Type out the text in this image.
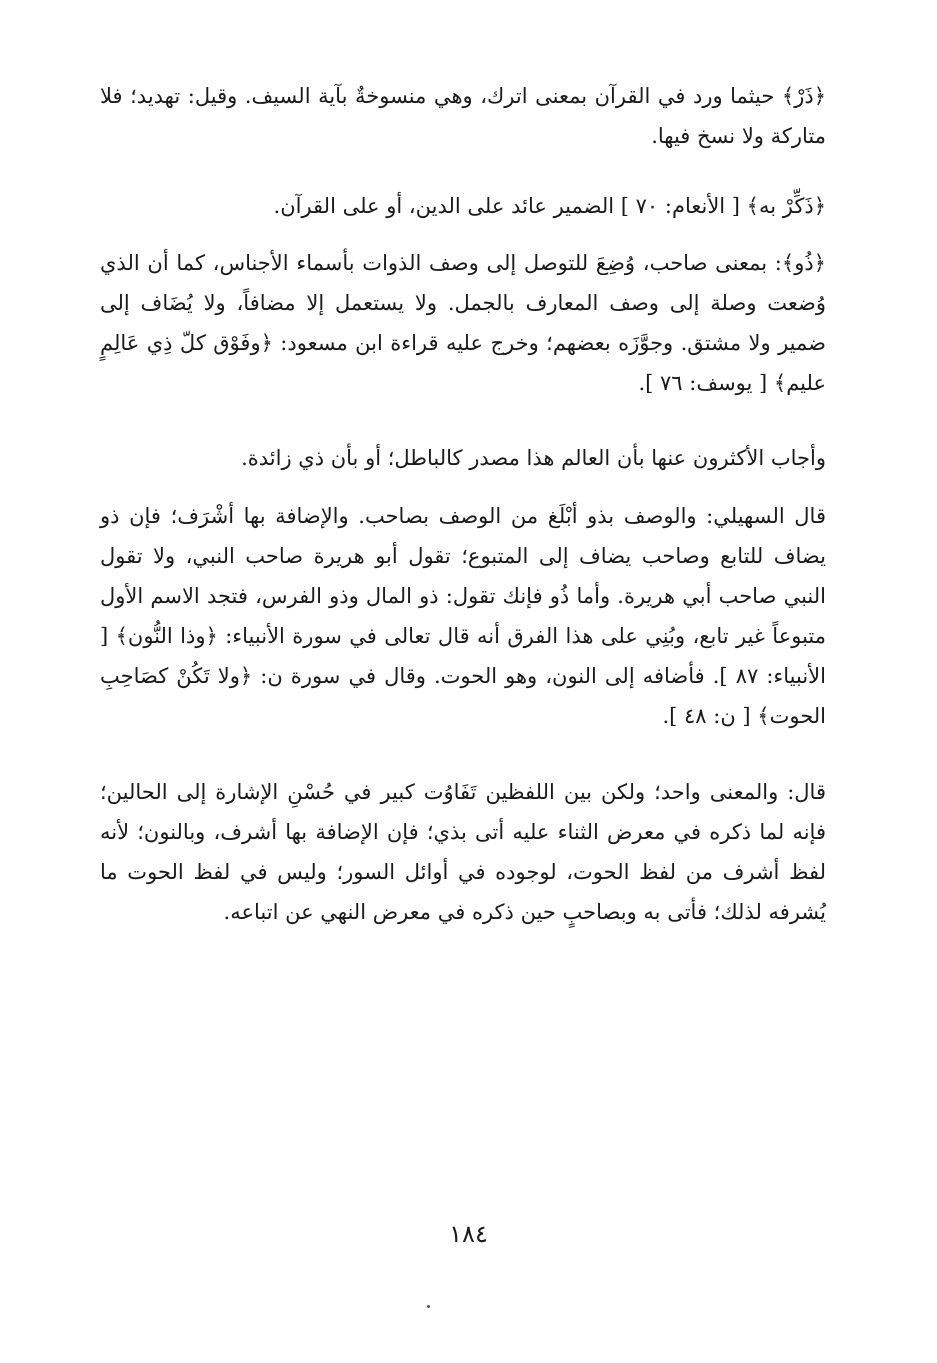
﴿ذَرْ﴾ حيثما ورد في القرآن بمعنى اترك، وهي منسوخةٌ بآية السيف. وقيل: تهديد؛ فلا متاركة ولا نسخ فيها.

﴿ذَكِّرْ به﴾ [ الأنعام: ٧٠ ] الضمير عائد على الدين، أو على القرآن.

﴿ذُو﴾: بمعنى صاحب، وُضِعَ للتوصل إلى وصف الذوات بأسماء الأجناس، كما أن الذي وُضعت وصلة إلى وصف المعارف بالجمل. ولا يستعمل إلا مضافاً، ولا يُضَاف إلى ضمير ولا مشتق. وجوَّزَه بعضهم؛ وخرج عليه قراءة ابن مسعود: ﴿وفَوْق كلّ ذِي عَالِمٍ عليم﴾ [ يوسف: ٧٦ ].

وأجاب الأكثرون عنها بأن العالم هذا مصدر كالباطل؛ أو بأن ذي زائدة.

قال السهيلي: والوصف بذو أبْلَغ من الوصف بصاحب. والإضافة بها أشْرَف؛ فإن ذو يضاف للتابع وصاحب يضاف إلى المتبوع؛ تقول أبو هريرة صاحب النبي، ولا تقول النبي صاحب أبي هريرة. وأما ذُو فإنك تقول: ذو المال وذو الفرس، فتجد الاسم الأول متبوعاً غير تابع، وبُنِي على هذا الفرق أنه قال تعالى في سورة الأنبياء: ﴿وذا النُّون﴾ [ الأنبياء: ٨٧ ]. فأضافه إلى النون، وهو الحوت. وقال في سورة ن: ﴿ولا تَكُنْ كصَاحِبِ الحوت﴾ [ ن: ٤٨ ].

قال: والمعنى واحد؛ ولكن بين اللفظين تَفَاوُت كبير في حُسْنِ الإشارة إلى الحالين؛ فإنه لما ذكره في معرض الثناء عليه أتى بذي؛ فإن الإضافة بها أشرف، وبالنون؛ لأنه لفظ أشرف من لفظ الحوت، لوجوده في أوائل السور؛ وليس في لفظ الحوت ما يُشرفه لذلك؛ فأتى به وبصاحبٍ حين ذكره في معرض النهي عن اتباعه.

١٨٤
